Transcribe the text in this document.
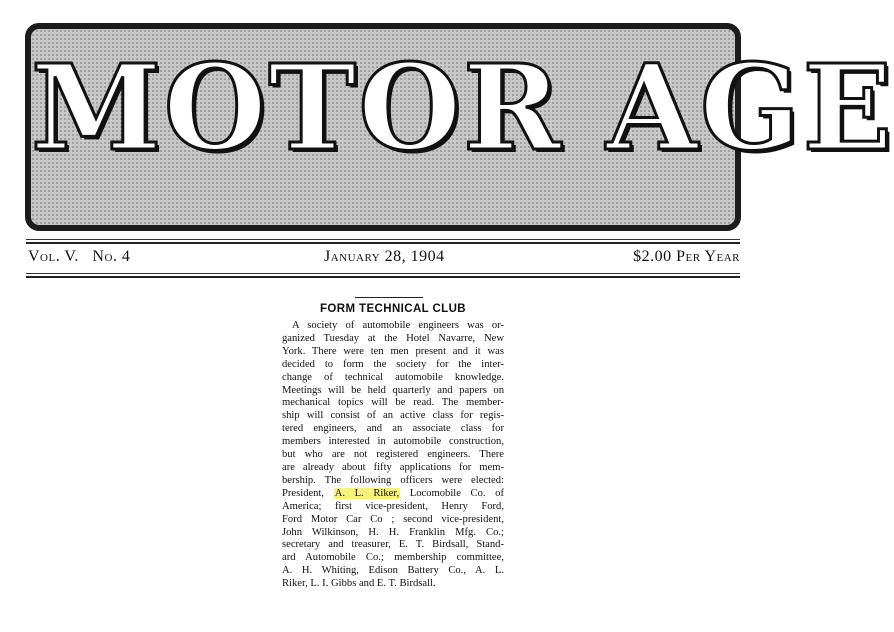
MOTOR AGE
Vol. V. No. 4	January 28, 1904	$2.00 Per Year
FORM TECHNICAL CLUB
A society of automobile engineers was or-
ganized Tuesday at the Hotel Navarre, New
York. There were ten men present and it was
decided to form the society for the inter-
change of technical automobile knowledge.
Meetings will be held quarterly and papers on
mechanical topics will be read. The member-
ship will consist of an active class for regis-
tered engineers, and an associate class for
members interested in automobile construction,
but who are not registered engineers. There
are already about fifty applications for mem-
bership. The following officers were elected:
President, A. L. Riker, Locomobile Co. of
America; first vice-president, Henry Ford,
Ford Motor Car Co ; second vice-president,
John Wilkinson, H. H. Franklin Mfg. Co.;
secretary and treasurer, E. T. Birdsall, Stand-
ard Automobile Co.; membership committee,
A. H. Whiting, Edison Battery Co., A. L.
Riker, L. I. Gibbs and E. T. Birdsall.
